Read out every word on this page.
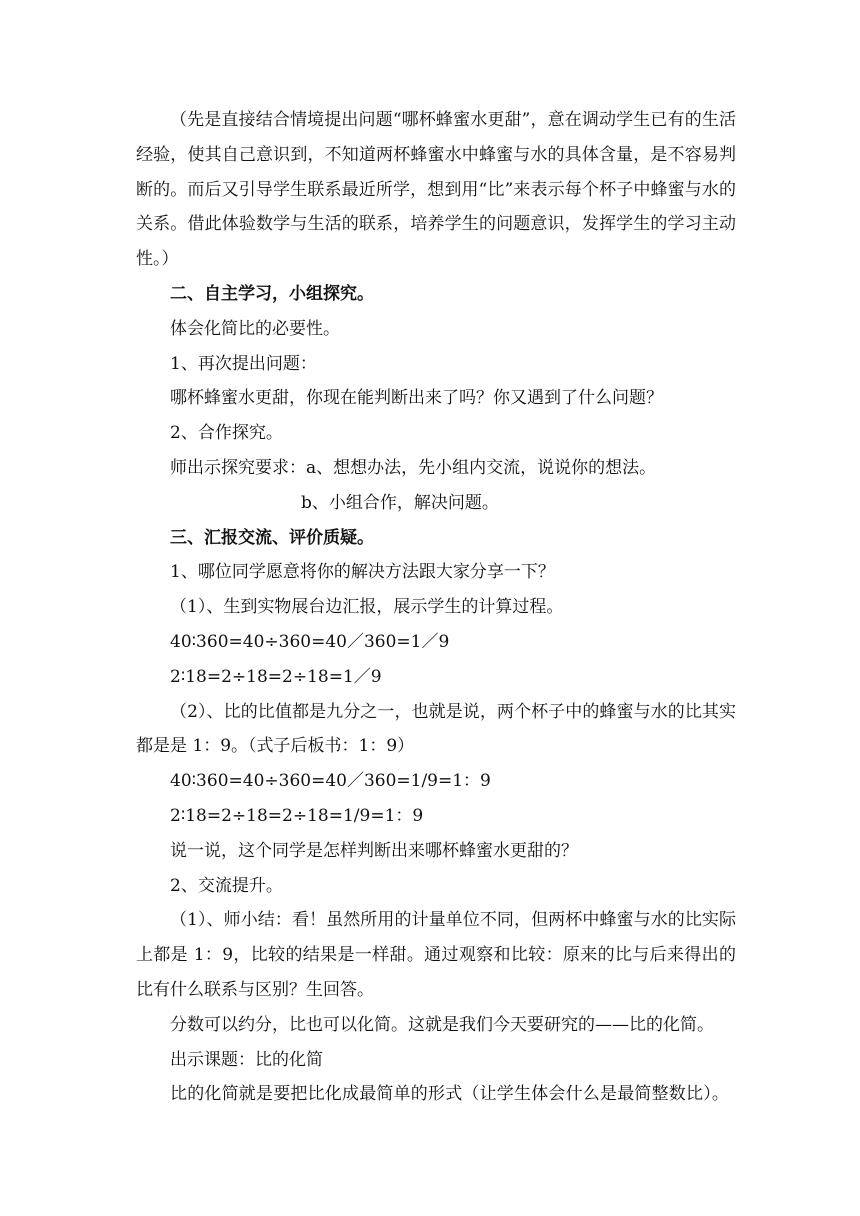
（先是直接结合情境提出问题“哪杯蜂蜜水更甜”，意在调动学生已有的生活经验，使其自己意识到，不知道两杯蜂蜜水中蜂蜜与水的具体含量，是不容易判断的。而后又引导学生联系最近所学，想到用“比”来表示每个杯子中蜂蜜与水的关系。借此体验数学与生活的联系，培养学生的问题意识，发挥学生的学习主动性。）

二、自主学习，小组探究。

体会化简比的必要性。

1、再次提出问题：

哪杯蜂蜜水更甜，你现在能判断出来了吗？你又遇到了什么问题？

2、合作探究。

师出示探究要求：a、想想办法，先小组内交流，说说你的想法。

b、小组合作，解决问题。

三、汇报交流、评价质疑。

1、哪位同学愿意将你的解决方法跟大家分享一下？

（1）、生到实物展台边汇报，展示学生的计算过程。

40∶360=40÷360=40／360=1／9

2∶18=2÷18=2÷18=1／9

（2）、比的比值都是九分之一，也就是说，两个杯子中的蜂蜜与水的比其实都是是 1：9。（式子后板书：1：9）

40∶360=40÷360=40／360=1/9=1：9

2∶18=2÷18=2÷18=1/9=1：9

说一说，这个同学是怎样判断出来哪杯蜂蜜水更甜的？

2、交流提升。

（1）、师小结：看！虽然所用的计量单位不同，但两杯中蜂蜜与水的比实际上都是 1：9，比较的结果是一样甜。通过观察和比较：原来的比与后来得出的比有什么联系与区别？生回答。

分数可以约分，比也可以化简。这就是我们今天要研究的——比的化简。

出示课题：比的化简

比的化简就是要把比化成最简单的形式（让学生体会什么是最简整数比）。
